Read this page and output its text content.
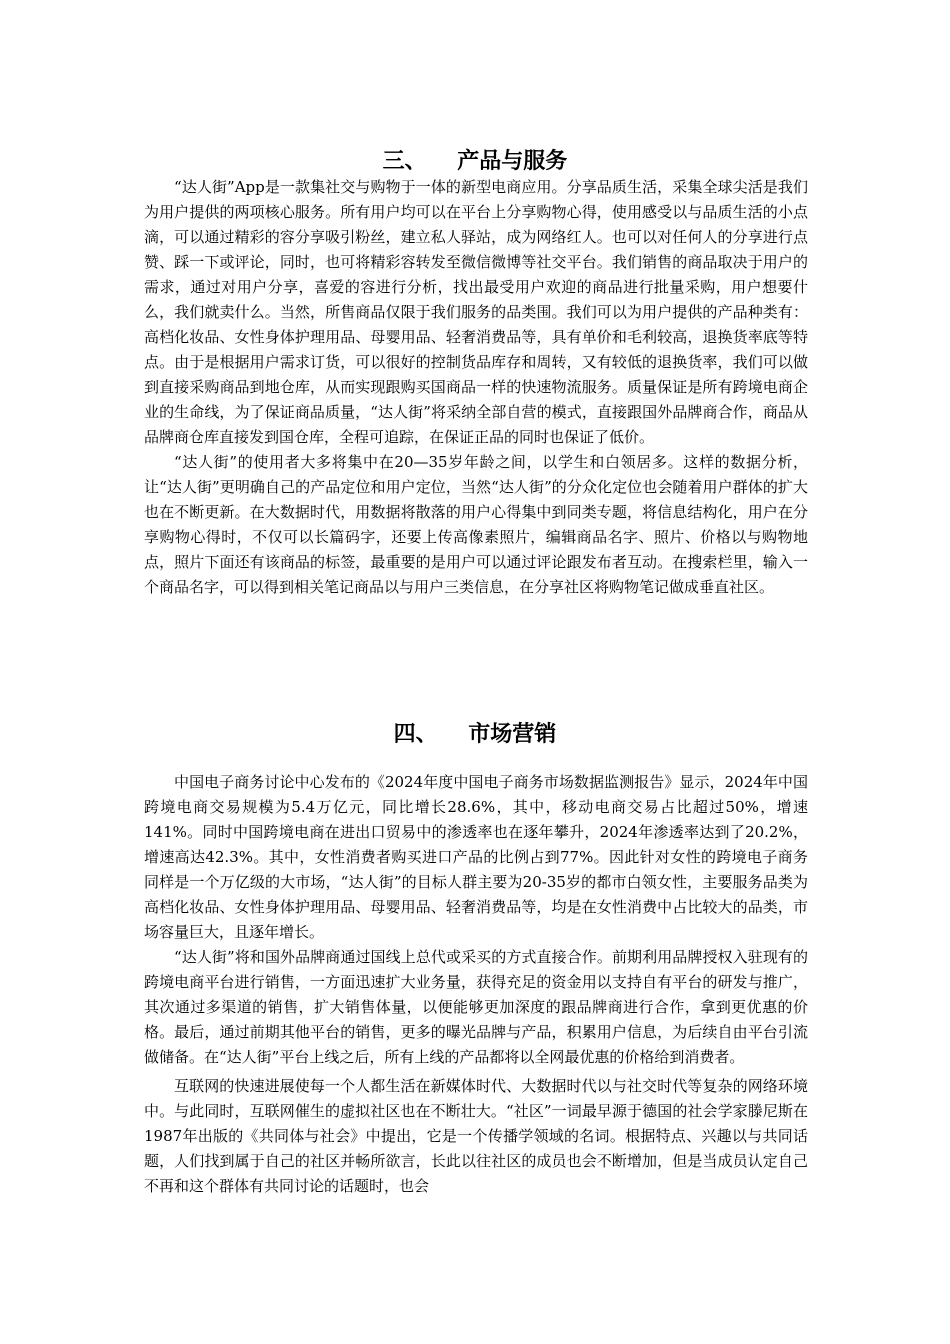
三、    产品与服务

“达人街”App是一款集社交与购物于一体的新型电商应用。分享品质生活，采集全球尖活是我们为用户提供的两项核心服务。所有用户均可以在平台上分享购物心得，使用感受以与品质生活的小点滴，可以通过精彩的容分享吸引粉丝，建立私人驿站，成为网络红人。也可以对任何人的分享进行点赞、踩一下或评论，同时，也可将精彩容转发至微信微博等社交平台。我们销售的商品取决于用户的需求，通过对用户分享，喜爱的容进行分析，找出最受用户欢迎的商品进行批量采购，用户想要什么，我们就卖什么。当然，所售商品仅限于我们服务的品类围。我们可以为用户提供的产品种类有：高档化妆品、女性身体护理用品、母婴用品、轻奢消费品等，具有单价和毛利较高，退换货率底等特点。由于是根据用户需求订货，可以很好的控制货品库存和周转，又有较低的退换货率，我们可以做到直接采购商品到地仓库，从而实现跟购买国商品一样的快速物流服务。质量保证是所有跨境电商企业的生命线，为了保证商品质量，“达人街”将采纳全部自营的模式，直接跟国外品牌商合作，商品从品牌商仓库直接发到国仓库，全程可追踪，在保证正品的同时也保证了低价。

“达人街”的使用者大多将集中在20—35岁年龄之间，以学生和白领居多。这样的数据分析，让“达人街”更明确自己的产品定位和用户定位，当然“达人街”的分众化定位也会随着用户群体的扩大也在不断更新。在大数据时代，用数据将散落的用户心得集中到同类专题，将信息结构化，用户在分享购物心得时，不仅可以长篇码字，还要上传高像素照片，编辑商品名字、照片、价格以与购物地点，照片下面还有该商品的标签，最重要的是用户可以通过评论跟发布者互动。在搜索栏里，输入一个商品名字，可以得到相关笔记商品以与用户三类信息，在分享社区将购物笔记做成垂直社区。

四、    市场营销

中国电子商务讨论中心发布的《2024年度中国电子商务市场数据监测报告》显示，2024年中国跨境电商交易规模为5.4万亿元，同比增长28.6%，其中，移动电商交易占比超过50%，增速141%。同时中国跨境电商在进出口贸易中的渗透率也在逐年攀升，2024年渗透率达到了20.2%，增速高达42.3%。其中，女性消费者购买进口产品的比例占到77%。因此针对女性的跨境电子商务同样是一个万亿级的大市场，“达人街”的目标人群主要为20-35岁的都市白领女性，主要服务品类为高档化妆品、女性身体护理用品、母婴用品、轻奢消费品等，均是在女性消费中占比较大的品类，市场容量巨大，且逐年增长。

“达人街”将和国外品牌商通过国线上总代或采买的方式直接合作。前期利用品牌授权入驻现有的跨境电商平台进行销售，一方面迅速扩大业务量，获得充足的资金用以支持自有平台的研发与推广，其次通过多渠道的销售，扩大销售体量，以便能够更加深度的跟品牌商进行合作，拿到更优惠的价格。最后，通过前期其他平台的销售，更多的曝光品牌与产品，积累用户信息，为后续自由平台引流做储备。在“达人街”平台上线之后，所有上线的产品都将以全网最优惠的价格给到消费者。

互联网的快速进展使每一个人都生活在新媒体时代、大数据时代以与社交时代等复杂的网络环境中。与此同时，互联网催生的虚拟社区也在不断壮大。“社区”一词最早源于德国的社会学家滕尼斯在1987年出版的《共同体与社会》中提出，它是一个传播学领域的名词。根据特点、兴趣以与共同话题，人们找到属于自己的社区并畅所欲言，长此以往社区的成员也会不断增加，但是当成员认定自己不再和这个群体有共同讨论的话题时，也会
